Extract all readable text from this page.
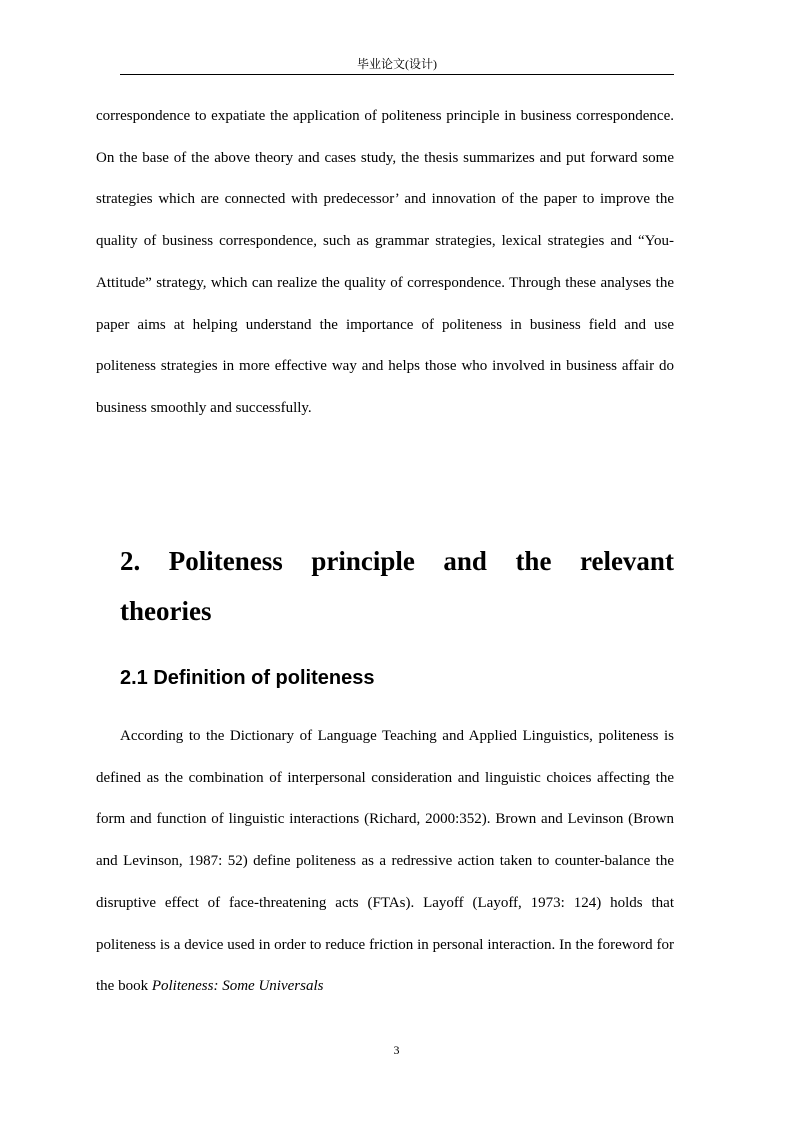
毕业论文(设计)

correspondence to expatiate the application of politeness principle in business correspondence. On the base of the above theory and cases study, the thesis summarizes and put forward some strategies which are connected with predecessor’ and innovation of the paper to improve the quality of business correspondence, such as grammar strategies, lexical strategies and “You-Attitude” strategy, which can realize the quality of correspondence. Through these analyses the paper aims at helping understand the importance of politeness in business field and use politeness strategies in more effective way and helps those who involved in business affair do business smoothly and successfully.

2. Politeness principle and the relevant
theories
2.1 Definition of politeness

According to the Dictionary of Language Teaching and Applied Linguistics, politeness is defined as the combination of interpersonal consideration and linguistic choices affecting the form and function of linguistic interactions (Richard, 2000:352). Brown and Levinson (Brown and Levinson, 1987: 52) define politeness as a redressive action taken to counter-balance the disruptive effect of face-threatening acts (FTAs). Layoff (Layoff, 1973: 124) holds that politeness is a device used in order to reduce friction in personal interaction. In the foreword for the book Politeness: Some Universals

3
